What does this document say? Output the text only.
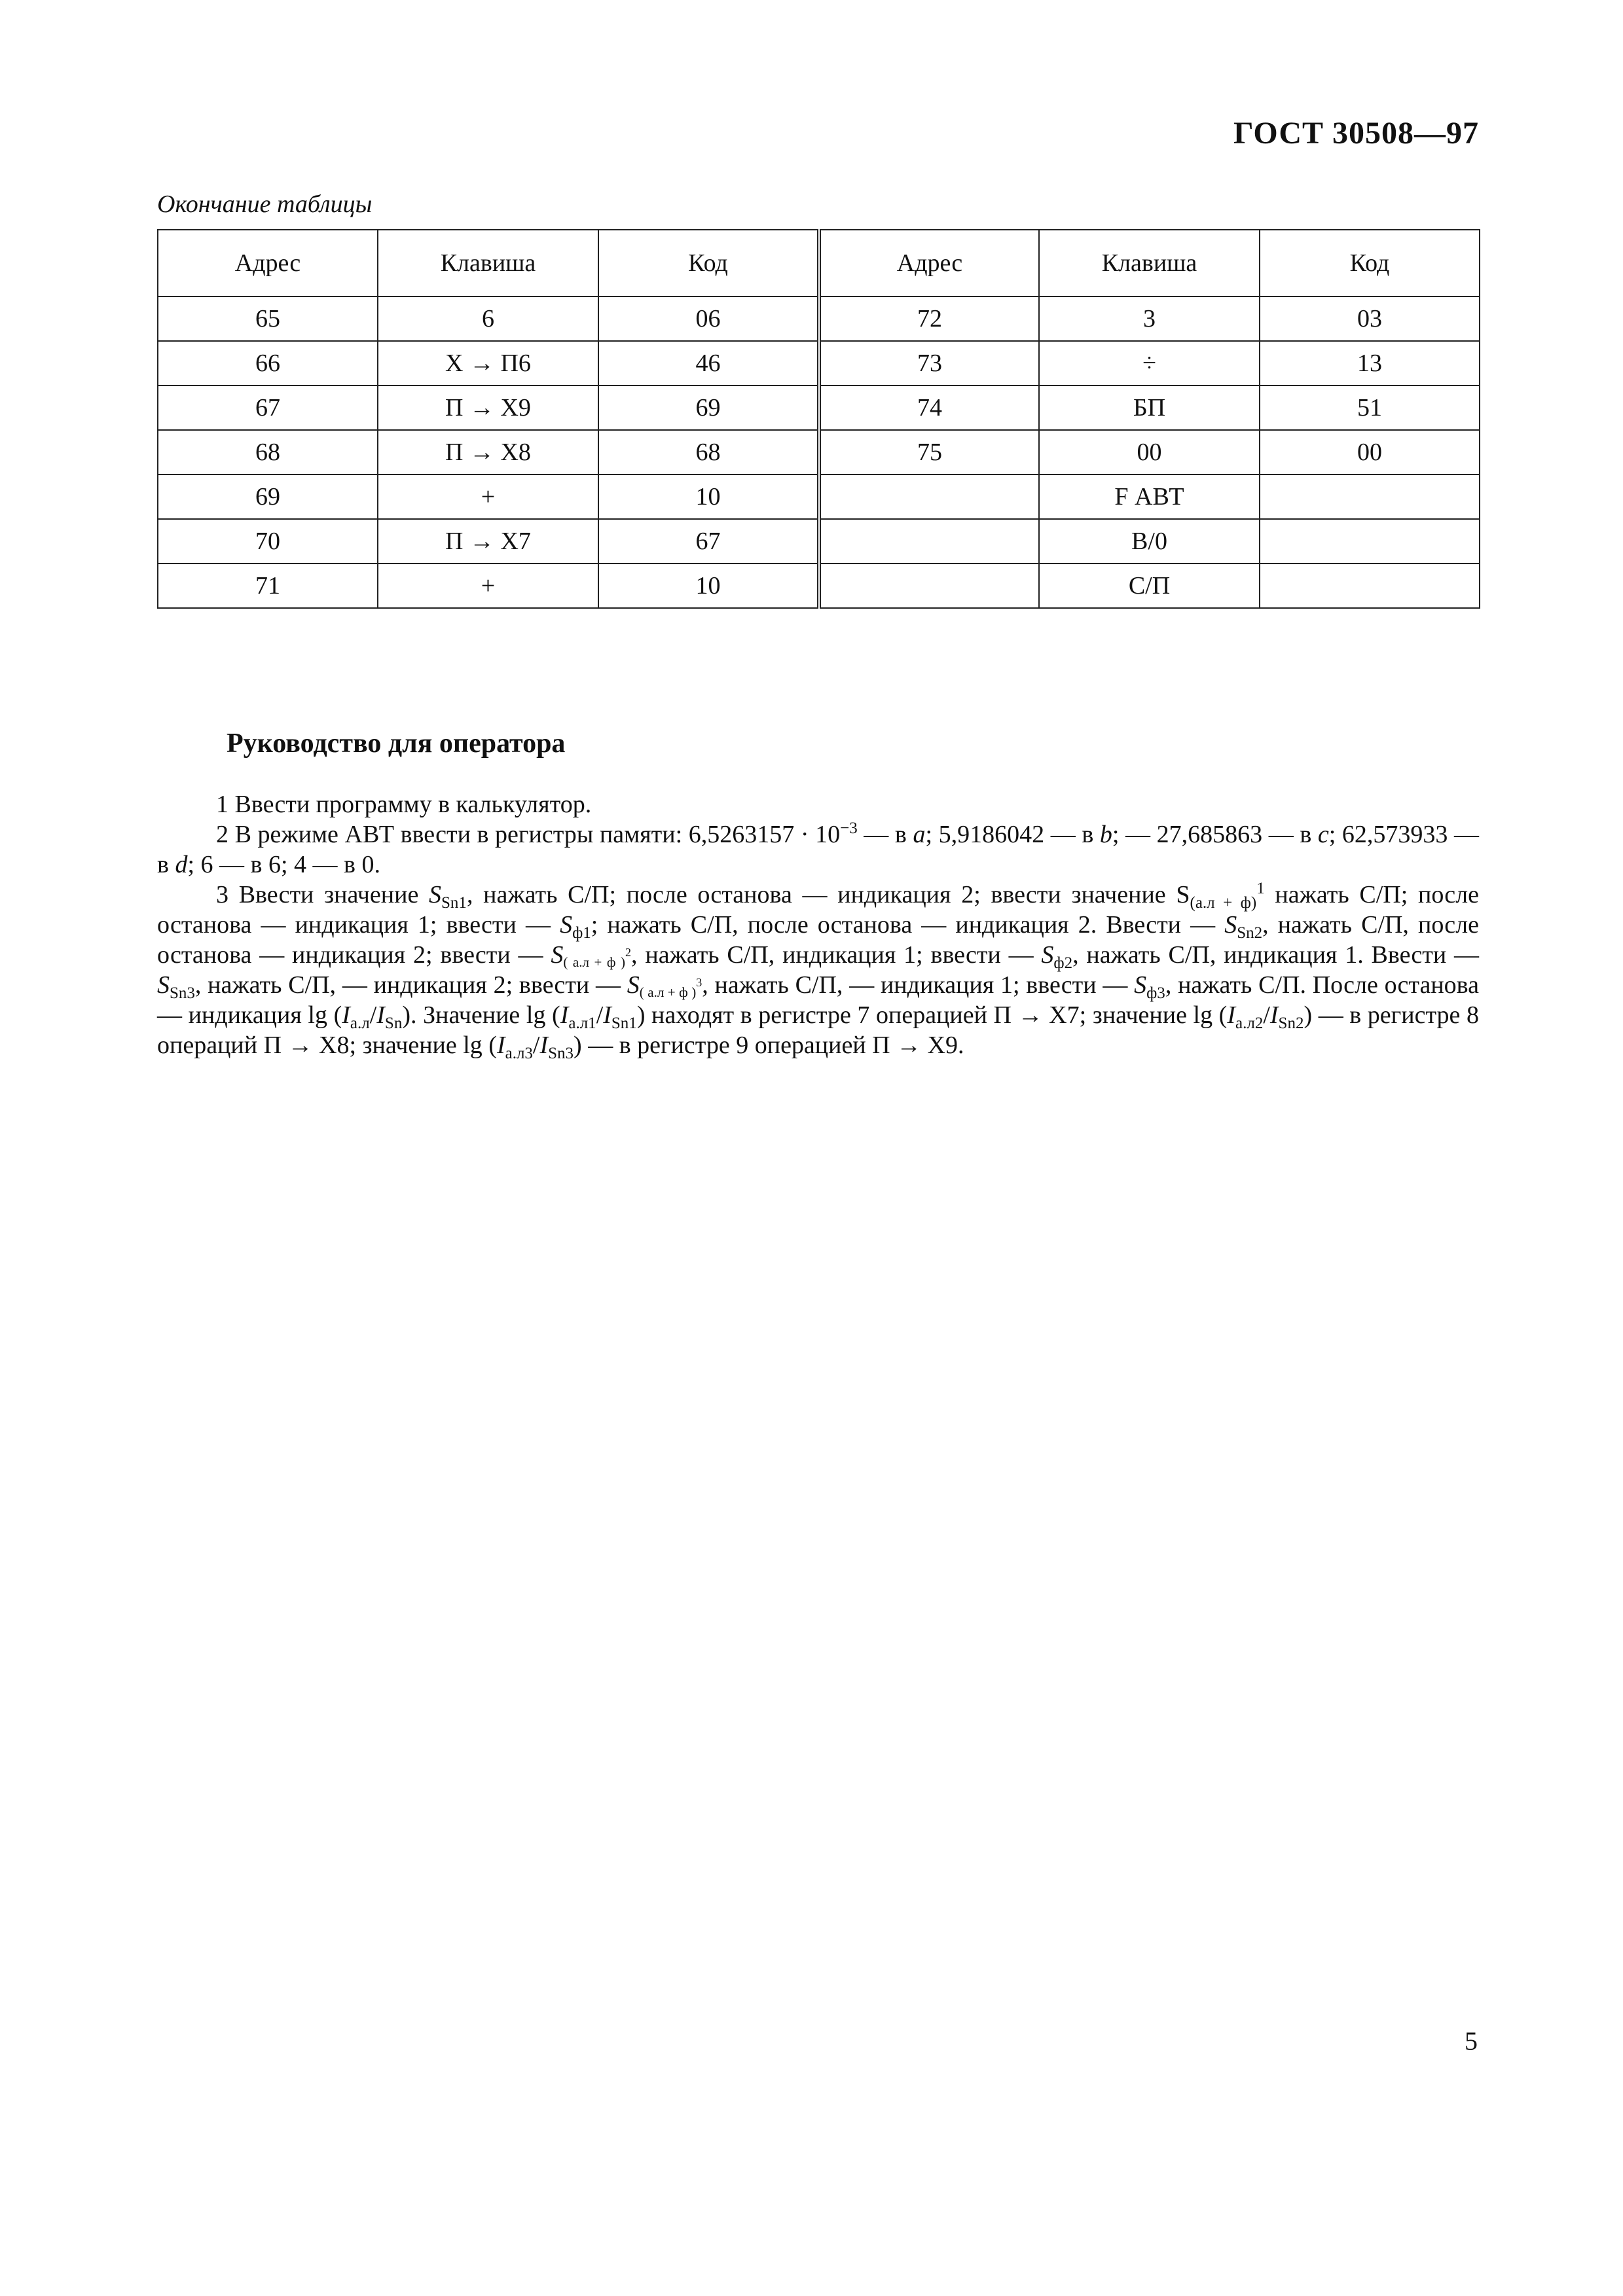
ГОСТ 30508—97
Окончание таблицы
Адрес	Клавиша	Код	Адрес	Клавиша	Код
65	6	06	72	3	03
66	X → П6	46	73	÷	13
67	П → X9	69	74	БП	51
68	П → X8	68	75	00	00
69	+	10		F АВТ	
70	П → X7	67		В/0	
71	+	10		С/П	
Руководство для оператора

1 Ввести программу в калькулятор.

2 В режиме АВТ ввести в регистры памяти: $6,5263157 \cdot 10^{-3}$ — в a; 5,9186042 — в b; — 27,685863 — в c; 62,573933 — в d; 6 — в 6; 4 — в 0.

3 Ввести значение $S_{Sn1}$, нажать С/П; после останова — индикация 2; ввести значение $S_{(а.л + ф)}^1$ нажать С/П; после останова — индикация 1; ввести — $S_{ф1}$; нажать С/П, после останова — индикация 2. Ввести — $S_{Sn2}$, нажать С/П, после останова — индикация 2; ввести — S( а.л + ф )$^2$, нажать С/П, индикация 1; ввести — $S_{ф2}$, нажать С/П, индикация 1. Ввести — $S_{Sn3}$, нажать С/П, — индикация 2; ввести — S( а.л + ф )$^3$, нажать С/П, — индикация 1; ввести — $S_{ф3}$, нажать С/П. После останова — индикация $\lg (I_{а.л}/I_{Sn})$. Значение $\lg (I_{а.л1}/I_{Sn1})$ находят в регистре 7 операцией П → X7; значение $\lg (I_{а.л2}/I_{Sn2})$ — в регистре 8 операций П → X8; значение $\lg (I_{а.л3}/I_{Sn3})$ — в регистре 9 операцией П → X9.

5
